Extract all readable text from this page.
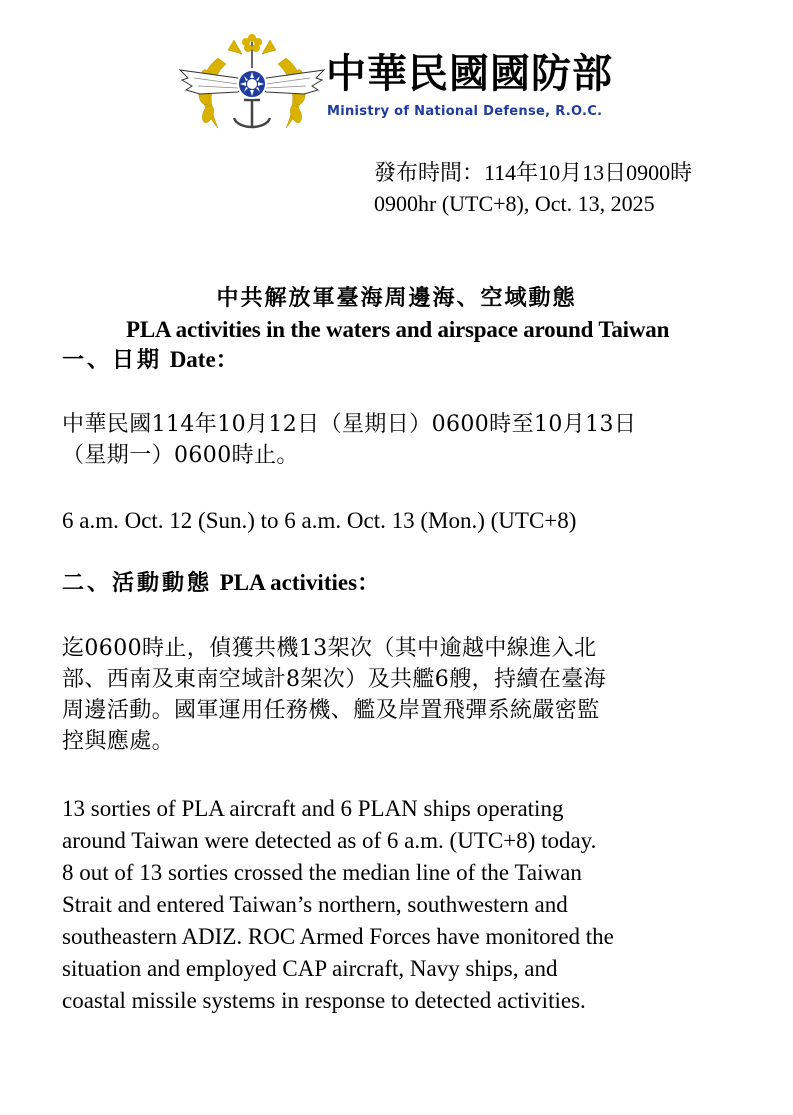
中華民國國防部
Ministry of National Defense, R.O.C.
發布時間：114年10月13日0900時
0900hr (UTC+8), Oct. 13, 2025
中共解放軍臺海周邊海、空域動態
PLA activities in the waters and airspace around Taiwan
一、日期 Date：
中華民國114年10月12日（星期日）0600時至10月13日
（星期一）0600時止。
6 a.m. Oct. 12 (Sun.) to 6 a.m. Oct. 13 (Mon.) (UTC+8)
二、活動動態 PLA activities：
迄0600時止，偵獲共機13架次（其中逾越中線進入北
部、西南及東南空域計8架次）及共艦6艘，持續在臺海
周邊活動。國軍運用任務機、艦及岸置飛彈系統嚴密監
控與應處。
13 sorties of PLA aircraft and 6 PLAN ships operating
around Taiwan were detected as of 6 a.m. (UTC+8) today.
8 out of 13 sorties crossed the median line of the Taiwan
Strait and entered Taiwan’s northern, southwestern and
southeastern ADIZ. ROC Armed Forces have monitored the
situation and employed CAP aircraft, Navy ships, and
coastal missile systems in response to detected activities.
